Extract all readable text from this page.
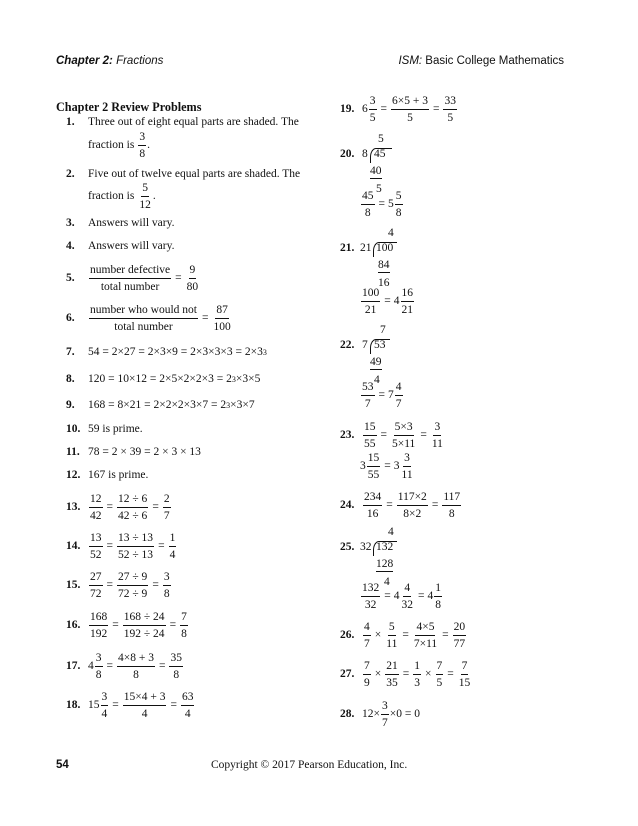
Chapter 2: Fractions	ISM: Basic College Mathematics
Chapter 2 Review Problems
1.	Three out of eight equal parts are shaded. The
fraction is
3
8
.
2.	Five out of twelve equal parts are shaded. The
fraction is
5
12
.
3.	Answers will vary.
4.	Answers will vary.
5.
number defective
total number
= $\frac{9}{80}$
6.
number who would not
total number
= $\frac{87}{100}$
7.	54 = 2×27 = 2×3×9 = 2×3×3×3 = 2×3 3
8.	120 = 10×12 = 2×5×2×2×3 = 2 3 ×3×5
9.	168 = 8×21 = 2×2×2×3×7 = 2 3 ×3×7
10. 59 is prime.
11. 78 = 2 × 39 = 2 × 3 × 13
12. 167 is prime.
13. $\frac{12}{42} = \frac{12 \div 6}{42 \div 6} = \frac{2}{7}$
14. $\frac{13}{52} = \frac{13 \div 13}{52 \div 13} = \frac{1}{4}$
15. $\frac{27}{72} = \frac{27 \div 9}{72 \div 9} = \frac{3}{8}$
16. $\frac{168}{192} = \frac{168 \div 24}{192 \div 24} = \frac{7}{8}$
17. $4 \frac{3}{8} = \frac{4\times 8 + 3}{8} = \frac{35}{8}$
18. $15 \frac{3}{4} = \frac{15\times 4 + 3}{4} = \frac{63}{4}$
19. $6 \frac{3}{5} = \frac{6\times 5 + 3}{5} = \frac{33}{5}$
20.
5
8 45
40
5
$\frac{45}{8} = 5$
5
8
21.
4
21 100
84
16
$\frac{100}{21} = 4$
16
21
22.
7
7 53
49
4
$\frac{53}{7} = 7$
4
7
23. $\frac{15}{55} = \frac{5\times 3}{5\times 11} = \frac{3}{11}$
$3 \frac{15}{55} = 3$
3
11
24. $\frac{234}{16} = \frac{117\times 2}{8\times 2} = \frac{117}{8}$
25.
4
32 132
128
4
$\frac{132}{32} = 4 \frac{4}{32} = 4$
1
8
26. $\frac{4}{7} \times \frac{5}{11} = \frac{4\times 5}{7\times 11} = \frac{20}{77}$
27. $\frac{7}{9} \times \frac{21}{35} = \frac{1}{3} \times \frac{7}{5} = \frac{7}{15}$
28. $12\times \frac{3}{7} \times 0 = 0$
54	Copyright © 2017 Pearson Education, Inc.
